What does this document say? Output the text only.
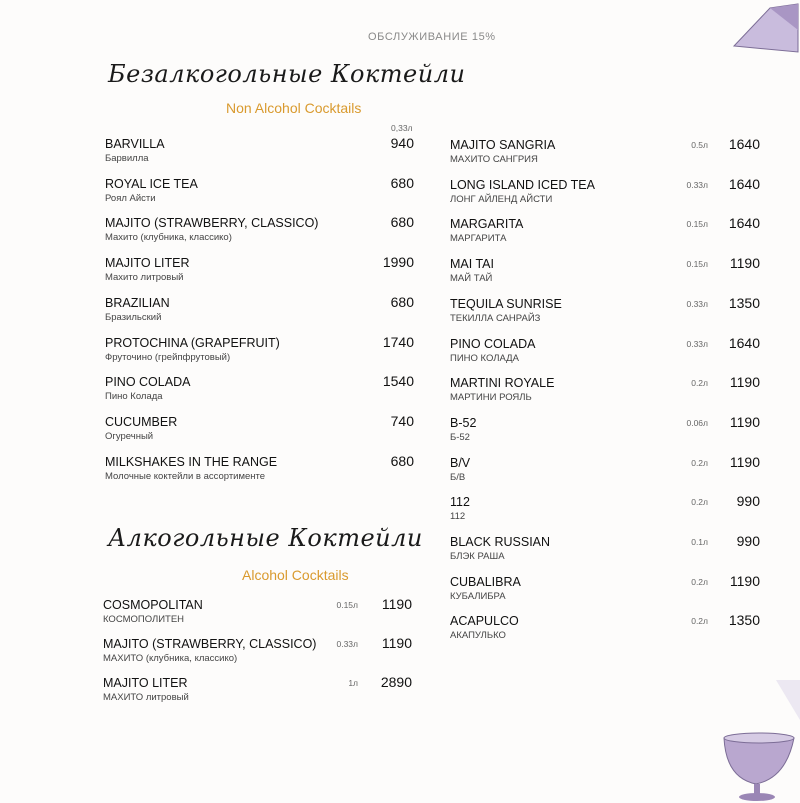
ОБСЛУЖИВАНИЕ 15%
Безалкогольные Коктейли
Non Alcohol Cocktails
0,33л
BARVILLA
Барвилла
940
ROYAL ICE TEA
Роял Айсти
680
MAJITO (STRAWBERRY, CLASSICO)
Махито (клубника, классико)
680
MAJITO LITER
Махито литровый
1990
BRAZILIAN
Бразильский
680
PROTOCHINA (GRAPEFRUIT)
Фруточино (грейпфрутовый)
1740
PINO COLADA
Пино Колада
1540
CUCUMBER
Огуречный
740
MILKSHAKES IN THE RANGE
Молочные коктейли в ассортименте
680
Алкогольные Коктейли
Alcohol Cocktails
COSMOPOLITAN
КОСМОПОЛИТЕН
0.15л 1190
MAJITO (STRAWBERRY, CLASSICO)
МАХИТО (клубника, классико)
0.33л 1190
MAJITO LITER
МАХИТО литровый
1л 2890
MAJITO SANGRIA
МАХИТО САНГРИЯ
0.5л 1640
LONG ISLAND ICED TEA
ЛОНГ АЙЛЕНД АЙСТИ
0.33л 1640
MARGARITA
МАРГАРИТА
0.15л 1640
MAI TAI
МАЙ ТАЙ
0.15л 1190
TEQUILA SUNRISE
ТЕКИЛЛА САНРАЙЗ
0.33л 1350
PINO COLADA
ПИНО КОЛАДА
0.33л 1640
MARTINI ROYALE
МАРТИНИ РОЯЛЬ
0.2л 1190
B-52
Б-52
0.06л 1190
B/V
Б/В
0.2л 1190
112
112
0.2л 990
BLACK RUSSIAN
БЛЭК РАША
0.1л 990
CUBALIBRA
КУБАЛИБРА
0.2л 1190
ACAPULCO
АКАПУЛЬКО
0.2л 1350
